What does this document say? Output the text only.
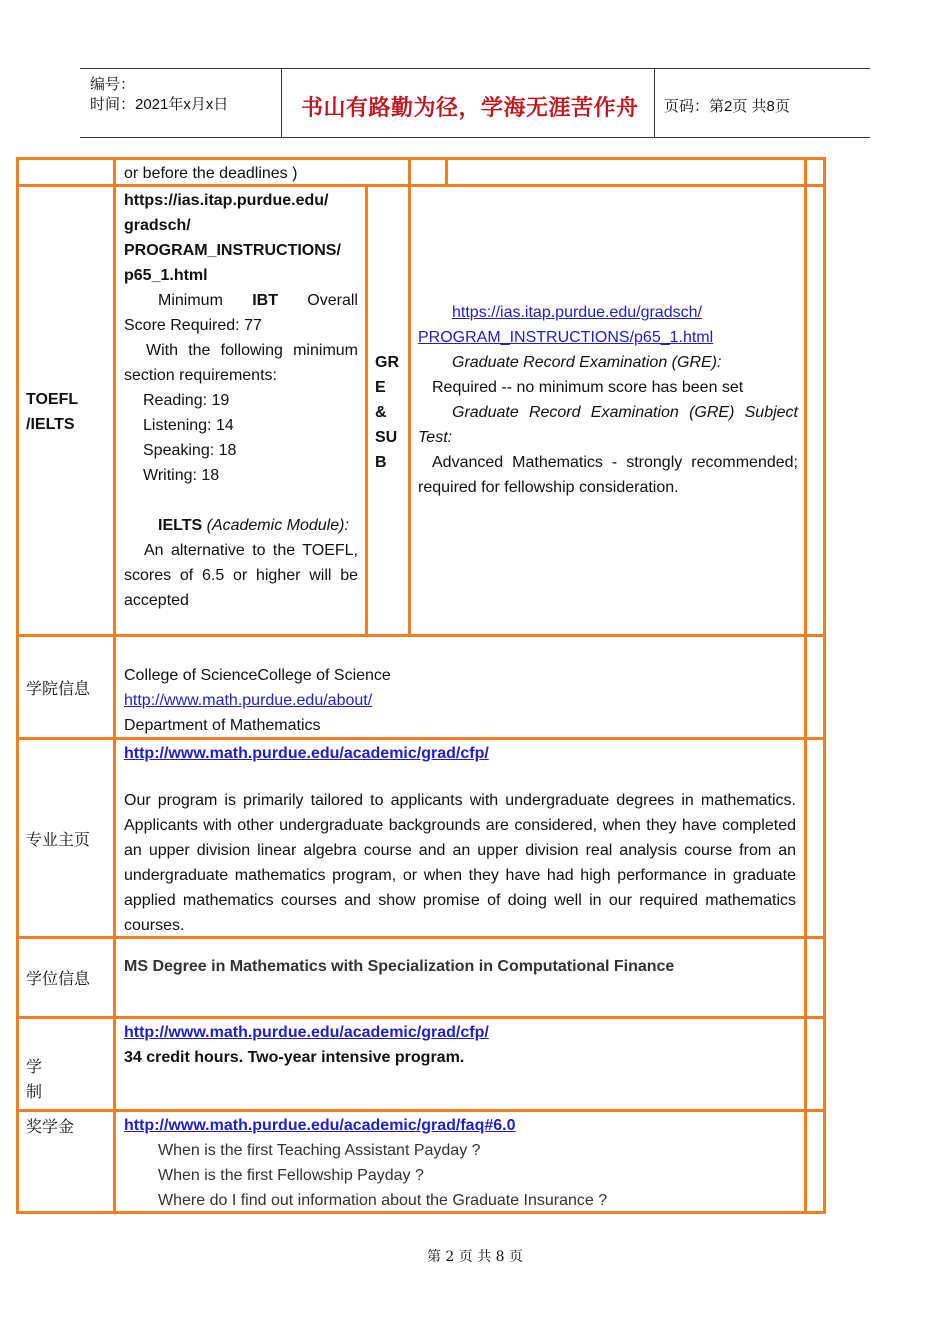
编号：
时间：2021年x月x日	书山有路勤为径，学海无涯苦作舟 页码：第2页 共8页
or before the deadlines )
TOEFL
/IELTS
https://ias.itap.purdue.edu/
gradsch/
PROGRAM_INSTRUCTIONS/
p65_1.html
Minimum IBT Overall
Score Required: 77
With the following minimum
section requirements:
Reading: 19
Listening: 14
Speaking: 18
Writing: 18
IELTS (Academic Module):
An alternative to the TOEFL, scores of 6.5 or higher will be accepted
GR
E
&
SU
B
https://ias.itap.purdue.edu/gradsch/
PROGRAM_INSTRUCTIONS/p65_1.html
Graduate Record Examination (GRE):
Required -- no minimum score has been set
Graduate Record Examination (GRE) Subject Test:
Advanced Mathematics - strongly recommended; required for fellowship consideration.
学院信息
College of ScienceCollege of Science
http://www.math.purdue.edu/about/
Department of Mathematics
专业主页
http://www.math.purdue.edu/academic/grad/cfp/
Our program is primarily tailored to applicants with undergraduate degrees in mathematics. Applicants with other undergraduate backgrounds are considered, when they have completed an upper division linear algebra course and an upper division real analysis course from an undergraduate mathematics program, or when they have had high performance in graduate applied mathematics courses and show promise of doing well in our required mathematics courses.
学位信息
MS Degree in Mathematics with Specialization in Computational Finance
学  制
http://www.math.purdue.edu/academic/grad/cfp/
34 credit hours. Two-year intensive program.
奖学金	http://www.math.purdue.edu/academic/grad/faq#6.0
When is the first Teaching Assistant Payday ?
When is the first Fellowship Payday ?
Where do I find out information about the Graduate Insurance ?
第 2 页 共 8 页
